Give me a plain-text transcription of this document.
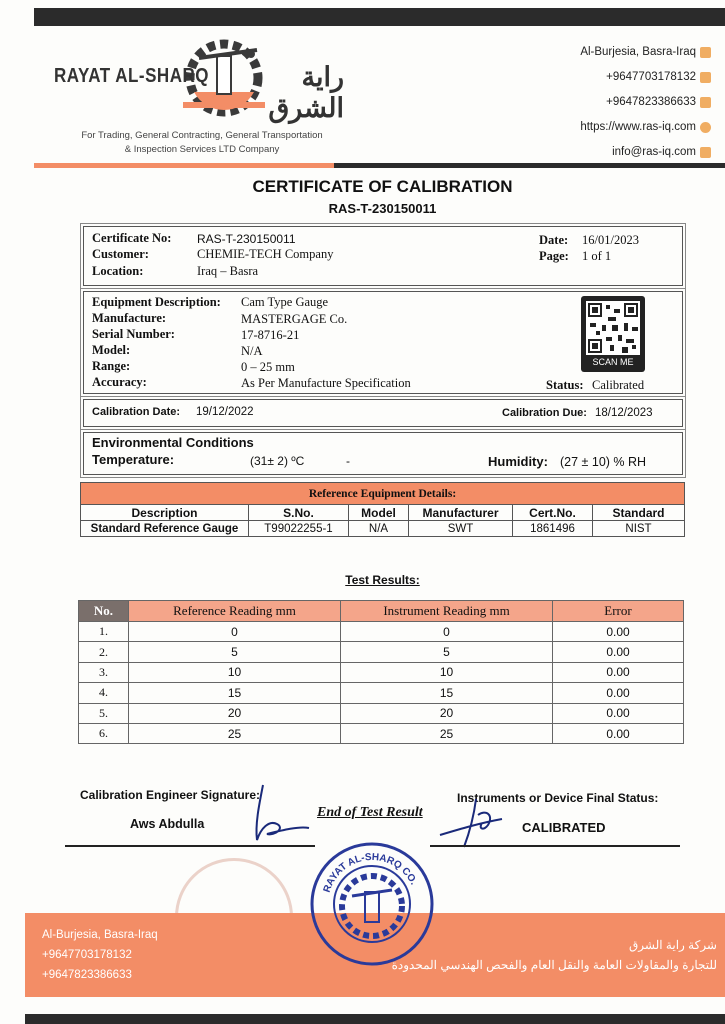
RAYAT AL-SHARQ	راية الشرق
For Trading, General Contracting, General Transportation
& Inspection Services LTD Company
Al-Burjesia, Basra-Iraq
+9647703178132
+9647823386633
https://www.ras-iq.com
info@ras-iq.com
CERTIFICATE OF CALIBRATION
RAS-T-230150011
Certificate No: RAS-T-230150011
Customer:	CHEMIE-TECH Company
Location:	Iraq – Basra
Date: 16/01/2023
Page: 1 of 1
Equipment Description: Cam Type Gauge
Manufacture:	MASTERGAGE Co.
Serial Number:	17-8716-21
Model:	N/A
Range:	0 – 25 mm
Accuracy:	As Per Manufacture Specification
SCAN ME
Status: Calibrated
Calibration Date: 19/12/2022	Calibration Due: 18/12/2023
Environmental Conditions
Temperature:	(31± 2) ºC	-	Humidity: (27 ± 10) % RH
Reference Equipment Details:					
Description	S.No.	Model	Manufacturer	Cert.No.	Standard
Standard Reference Gauge	T99022255-1	N/A	SWT	1861496	NIST
Test Results:
No.	Reference Reading mm	Instrument Reading mm	Error
1.	0	0	0.00
2.	5	5	0.00
3.	10	10	0.00
4.	15	15	0.00
5.	20	20	0.00
6.	25	25	0.00
Calibration Engineer Signature:
Aws Abdulla
End of Test Result
Instruments or Device Final Status:
CALIBRATED
Al-Burjesia, Basra-Iraq
+9647703178132
+9647823386633
شركة راية الشرق
للتجارة والمقاولات العامة والنقل العام والفحص الهندسي المحدودة
RAYAT AL-SHARQ CO.
